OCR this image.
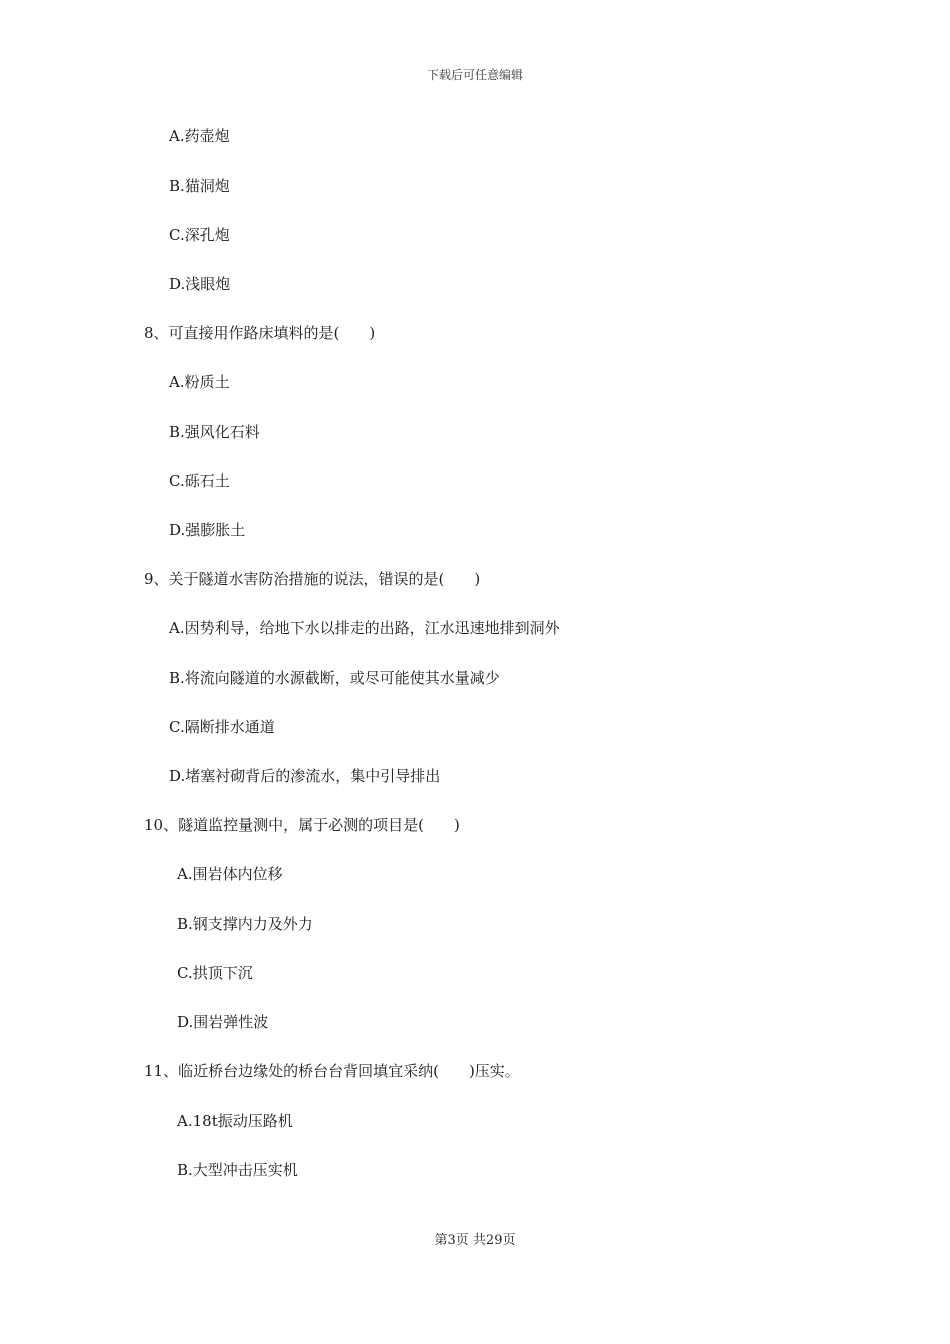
下载后可任意编辑
A.药壶炮
B.猫洞炮
C.深孔炮
D.浅眼炮
8、可直接用作路床填料的是(　　)
A.粉质土
B.强风化石料
C.砾石土
D.强膨胀土
9、关于隧道水害防治措施的说法，错误的是(　　)
A.因势利导，给地下水以排走的出路，江水迅速地排到洞外
B.将流向隧道的水源截断，或尽可能使其水量减少
C.隔断排水通道
D.堵塞衬砌背后的渗流水，集中引导排出
10、隧道监控量测中，属于必测的项目是(　　)
A.围岩体内位移
B.钢支撑内力及外力
C.拱顶下沉
D.围岩弹性波
11、临近桥台边缘处的桥台台背回填宜采纳(　　)压实。
A.18t振动压路机
B.大型冲击压实机
第3页 共29页
